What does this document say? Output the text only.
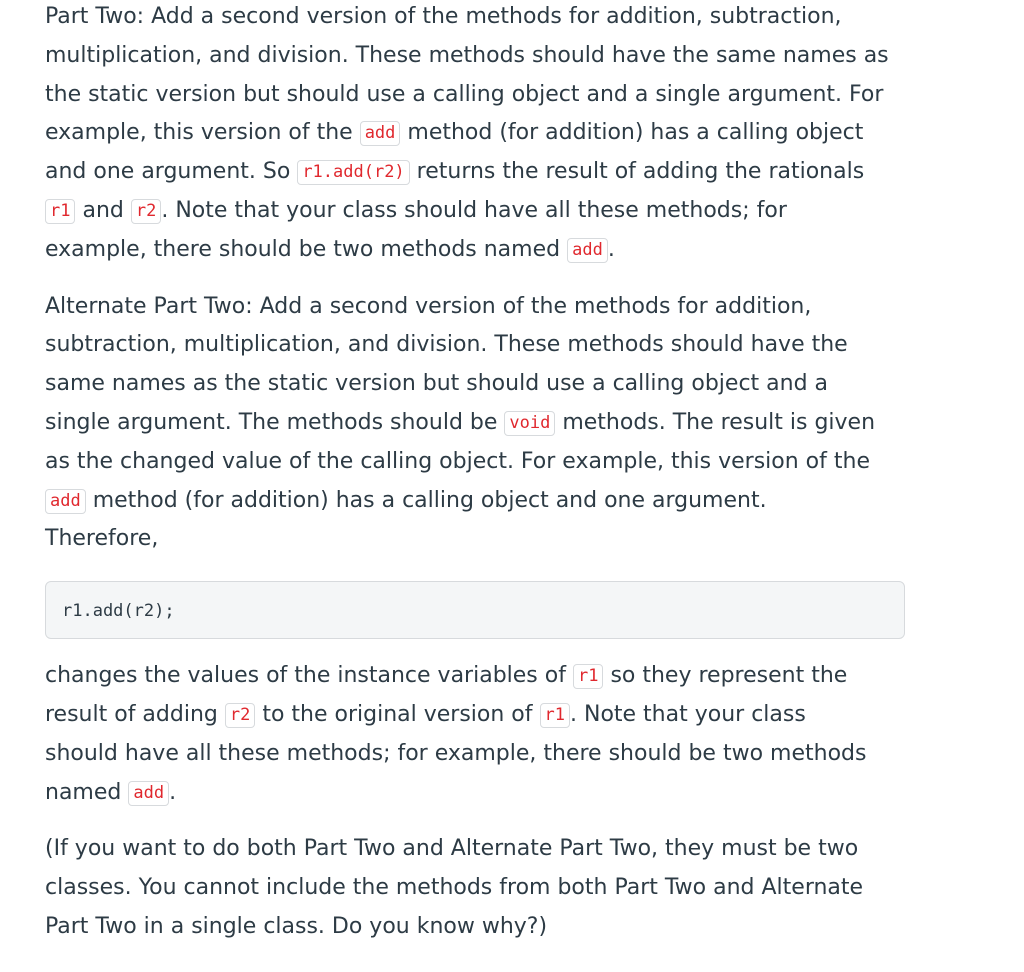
Part Two: Add a second version of the methods for addition, subtraction,
multiplication, and division. These methods should have the same names as
the static version but should use a calling object and a single argument. For
example, this version of the add method (for addition) has a calling object
and one argument. So r1.add(r2) returns the result of adding the rationals
r1 and r2 . Note that your class should have all these methods; for
example, there should be two methods named add .

Alternate Part Two: Add a second version of the methods for addition,
subtraction, multiplication, and division. These methods should have the
same names as the static version but should use a calling object and a
single argument. The methods should be void methods. The result is given
as the changed value of the calling object. For example, this version of the
add method (for addition) has a calling object and one argument.
Therefore,

r1.add(r2);

changes the values of the instance variables of r1 so they represent the
result of adding r2 to the original version of r1 . Note that your class
should have all these methods; for example, there should be two methods
named add .

(If you want to do both Part Two and Alternate Part Two, they must be two
classes. You cannot include the methods from both Part Two and Alternate
Part Two in a single class. Do you know why?)
